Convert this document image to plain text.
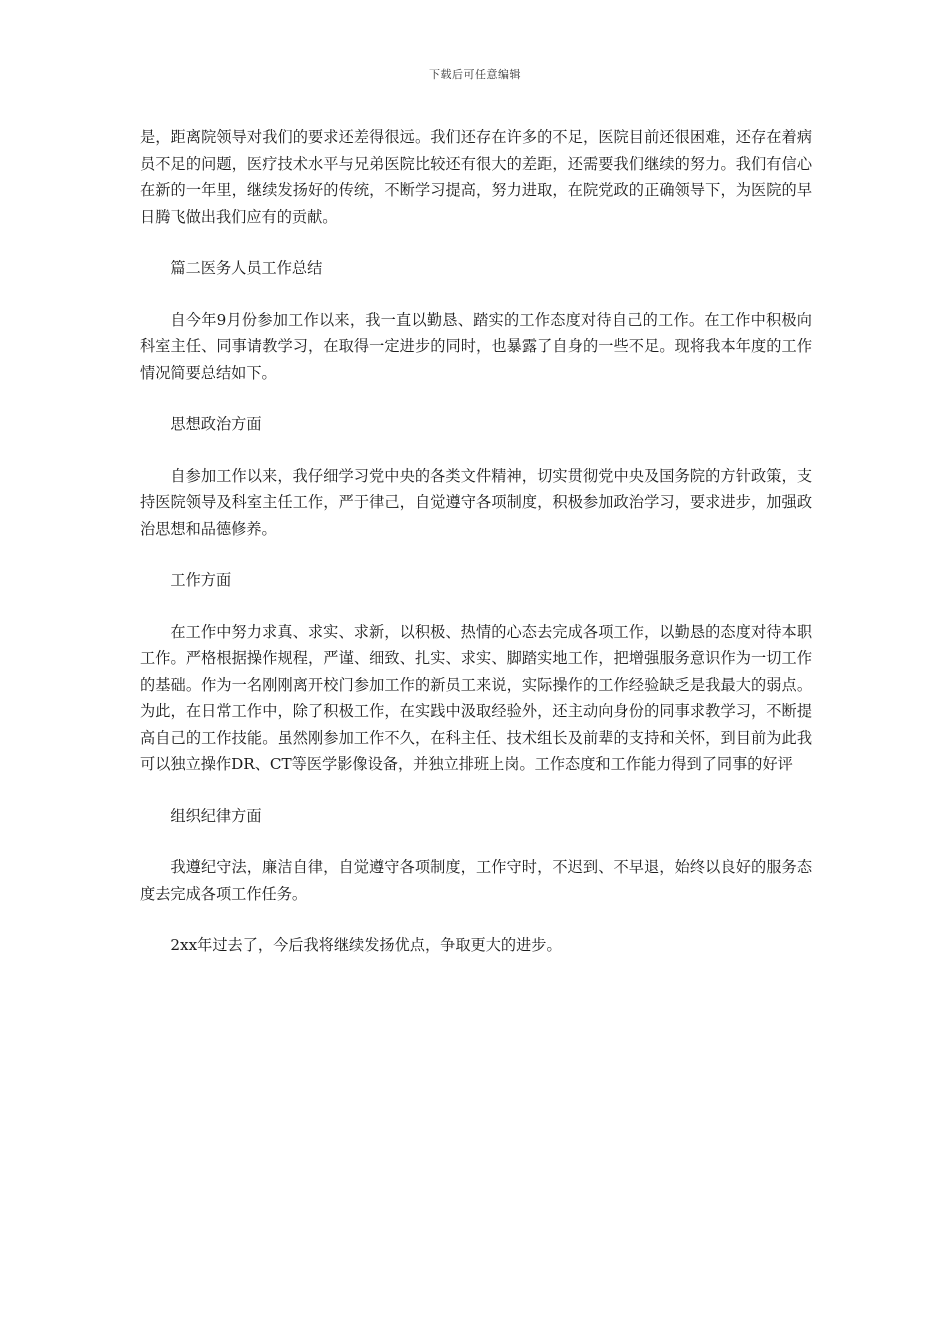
下载后可任意编辑

是，距离院领导对我们的要求还差得很远。我们还存在许多的不足，医院目前还很困难，还存在着病员不足的问题，医疗技术水平与兄弟医院比较还有很大的差距，还需要我们继续的努力。我们有信心在新的一年里，继续发扬好的传统，不断学习提高，努力进取，在院党政的正确领导下，为医院的早日腾飞做出我们应有的贡献。

篇二医务人员工作总结

自今年9月份参加工作以来，我一直以勤恳、踏实的工作态度对待自己的工作。在工作中积极向科室主任、同事请教学习，在取得一定进步的同时，也暴露了自身的一些不足。现将我本年度的工作情况简要总结如下。

思想政治方面

自参加工作以来，我仔细学习党中央的各类文件精神，切实贯彻党中央及国务院的方针政策，支持医院领导及科室主任工作，严于律己，自觉遵守各项制度，积极参加政治学习，要求进步，加强政治思想和品德修养。

工作方面

在工作中努力求真、求实、求新，以积极、热情的心态去完成各项工作，以勤恳的态度对待本职工作。严格根据操作规程，严谨、细致、扎实、求实、脚踏实地工作，把增强服务意识作为一切工作的基础。作为一名刚刚离开校门参加工作的新员工来说，实际操作的工作经验缺乏是我最大的弱点。为此，在日常工作中，除了积极工作，在实践中汲取经验外，还主动向身份的同事求教学习，不断提高自己的工作技能。虽然刚参加工作不久，在科主任、技术组长及前辈的支持和关怀，到目前为此我可以独立操作DR、CT等医学影像设备，并独立排班上岗。工作态度和工作能力得到了同事的好评

组织纪律方面

我遵纪守法，廉洁自律，自觉遵守各项制度，工作守时，不迟到、不早退，始终以良好的服务态度去完成各项工作任务。

2xx年过去了，今后我将继续发扬优点，争取更大的进步。
